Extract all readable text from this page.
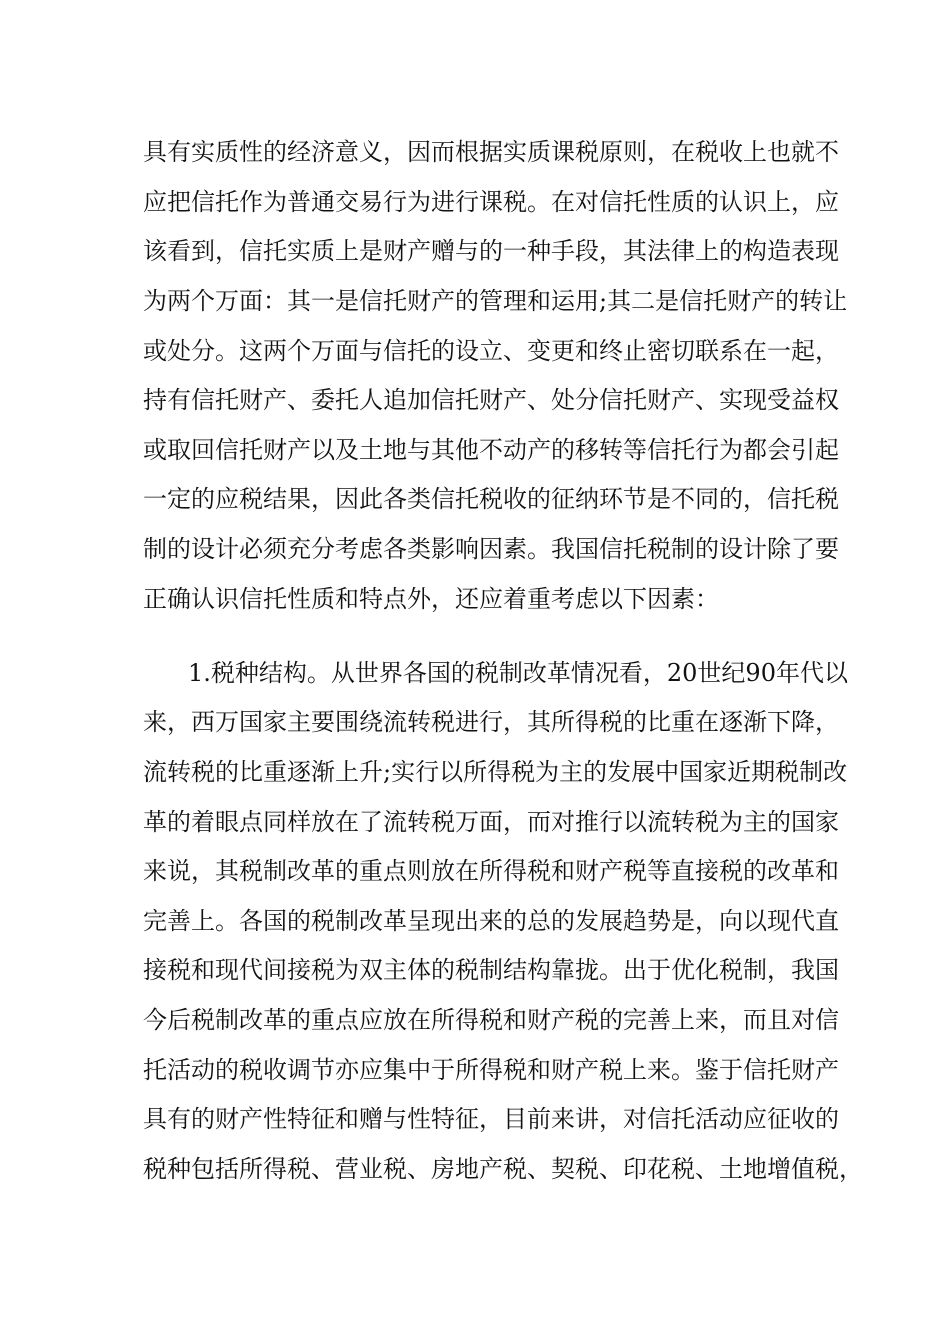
具有实质性的经济意义，因而根据实质课税原则，在税收上也就不
应把信托作为普通交易行为进行课税。在对信托性质的认识上，应
该看到，信托实质上是财产赠与的一种手段，其法律上的构造表现
为两个万面：其一是信托财产的管理和运用;其二是信托财产的转让
或处分。这两个万面与信托的设立、变更和终止密切联系在一起，
持有信托财产、委托人追加信托财产、处分信托财产、实现受益权
或取回信托财产以及土地与其他不动产的移转等信托行为都会引起
一定的应税结果，因此各类信托税收的征纳环节是不同的，信托税
制的设计必须充分考虑各类影响因素。我国信托税制的设计除了要
正确认识信托性质和特点外，还应着重考虑以下因素：
1.税种结构。从世界各国的税制改革情况看，20世纪90年代以
来，西万国家主要围绕流转税进行，其所得税的比重在逐渐下降，
流转税的比重逐渐上升;实行以所得税为主的发展中国家近期税制改
革的着眼点同样放在了流转税万面，而对推行以流转税为主的国家
来说，其税制改革的重点则放在所得税和财产税等直接税的改革和
完善上。各国的税制改革呈现出来的总的发展趋势是，向以现代直
接税和现代间接税为双主体的税制结构靠拢。出于优化税制，我国
今后税制改革的重点应放在所得税和财产税的完善上来，而且对信
托活动的税收调节亦应集中于所得税和财产税上来。鉴于信托财产
具有的财产性特征和赠与性特征，目前来讲，对信托活动应征收的
税种包括所得税、营业税、房地产税、契税、印花税、土地增值税，
